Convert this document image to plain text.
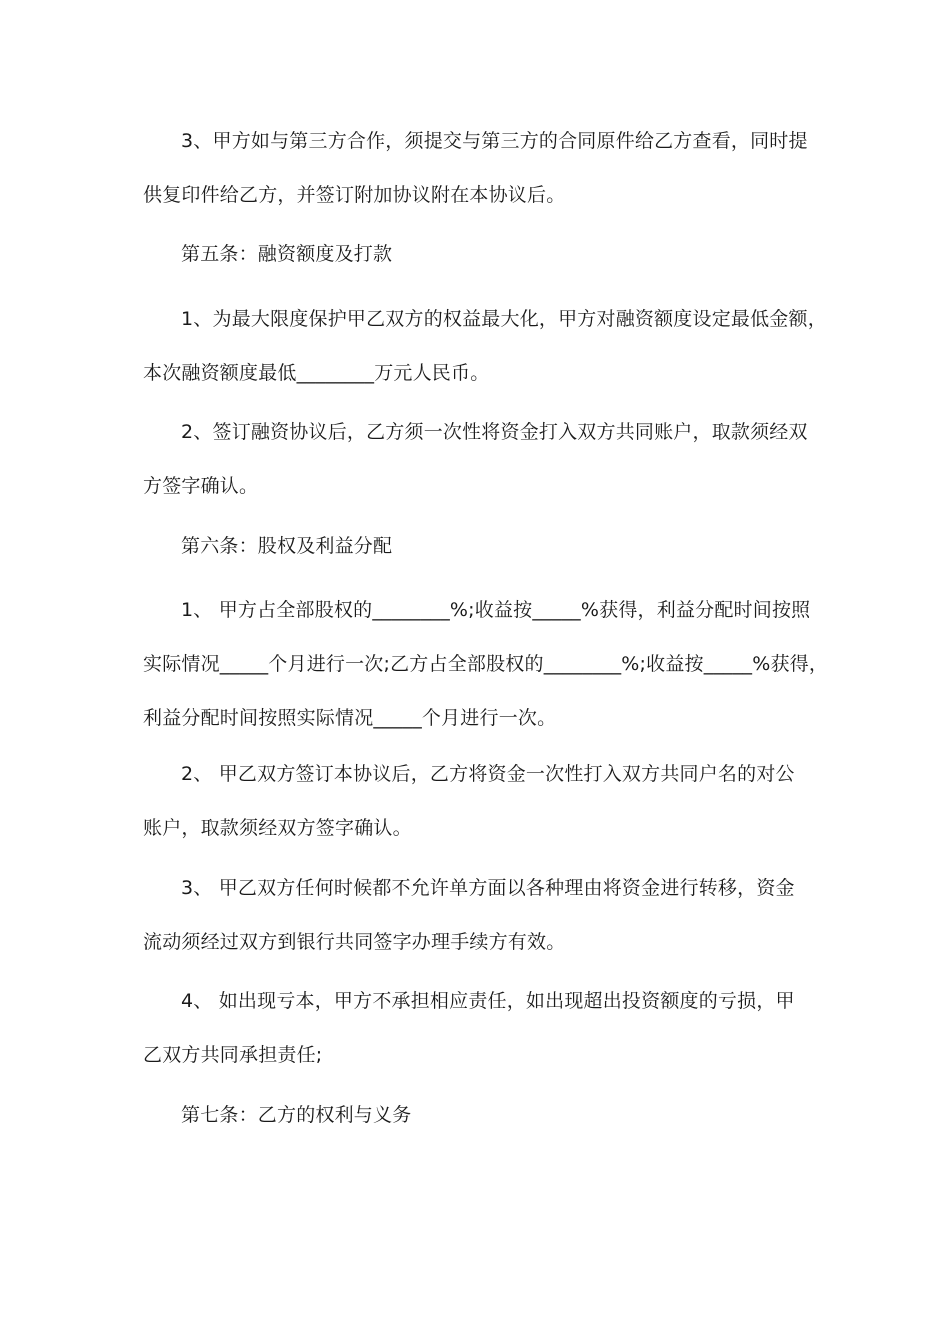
3、甲方如与第三方合作，须提交与第三方的合同原件给乙方查看，同时提
供复印件给乙方，并签订附加协议附在本协议后。
第五条：融资额度及打款
1、为最大限度保护甲乙双方的权益最大化，甲方对融资额度设定最低金额，
本次融资额度最低________万元人民币。
2、签订融资协议后，乙方须一次性将资金打入双方共同账户，取款须经双
方签字确认。
第六条：股权及利益分配
1、 甲方占全部股权的________%;收益按_____%获得，利益分配时间按照
实际情况_____个月进行一次;乙方占全部股权的________%;收益按_____%获得，
利益分配时间按照实际情况_____个月进行一次。
2、 甲乙双方签订本协议后，乙方将资金一次性打入双方共同户名的对公
账户，取款须经双方签字确认。
3、 甲乙双方任何时候都不允许单方面以各种理由将资金进行转移，资金
流动须经过双方到银行共同签字办理手续方有效。
4、 如出现亏本，甲方不承担相应责任，如出现超出投资额度的亏损，甲
乙双方共同承担责任;
第七条：乙方的权利与义务
